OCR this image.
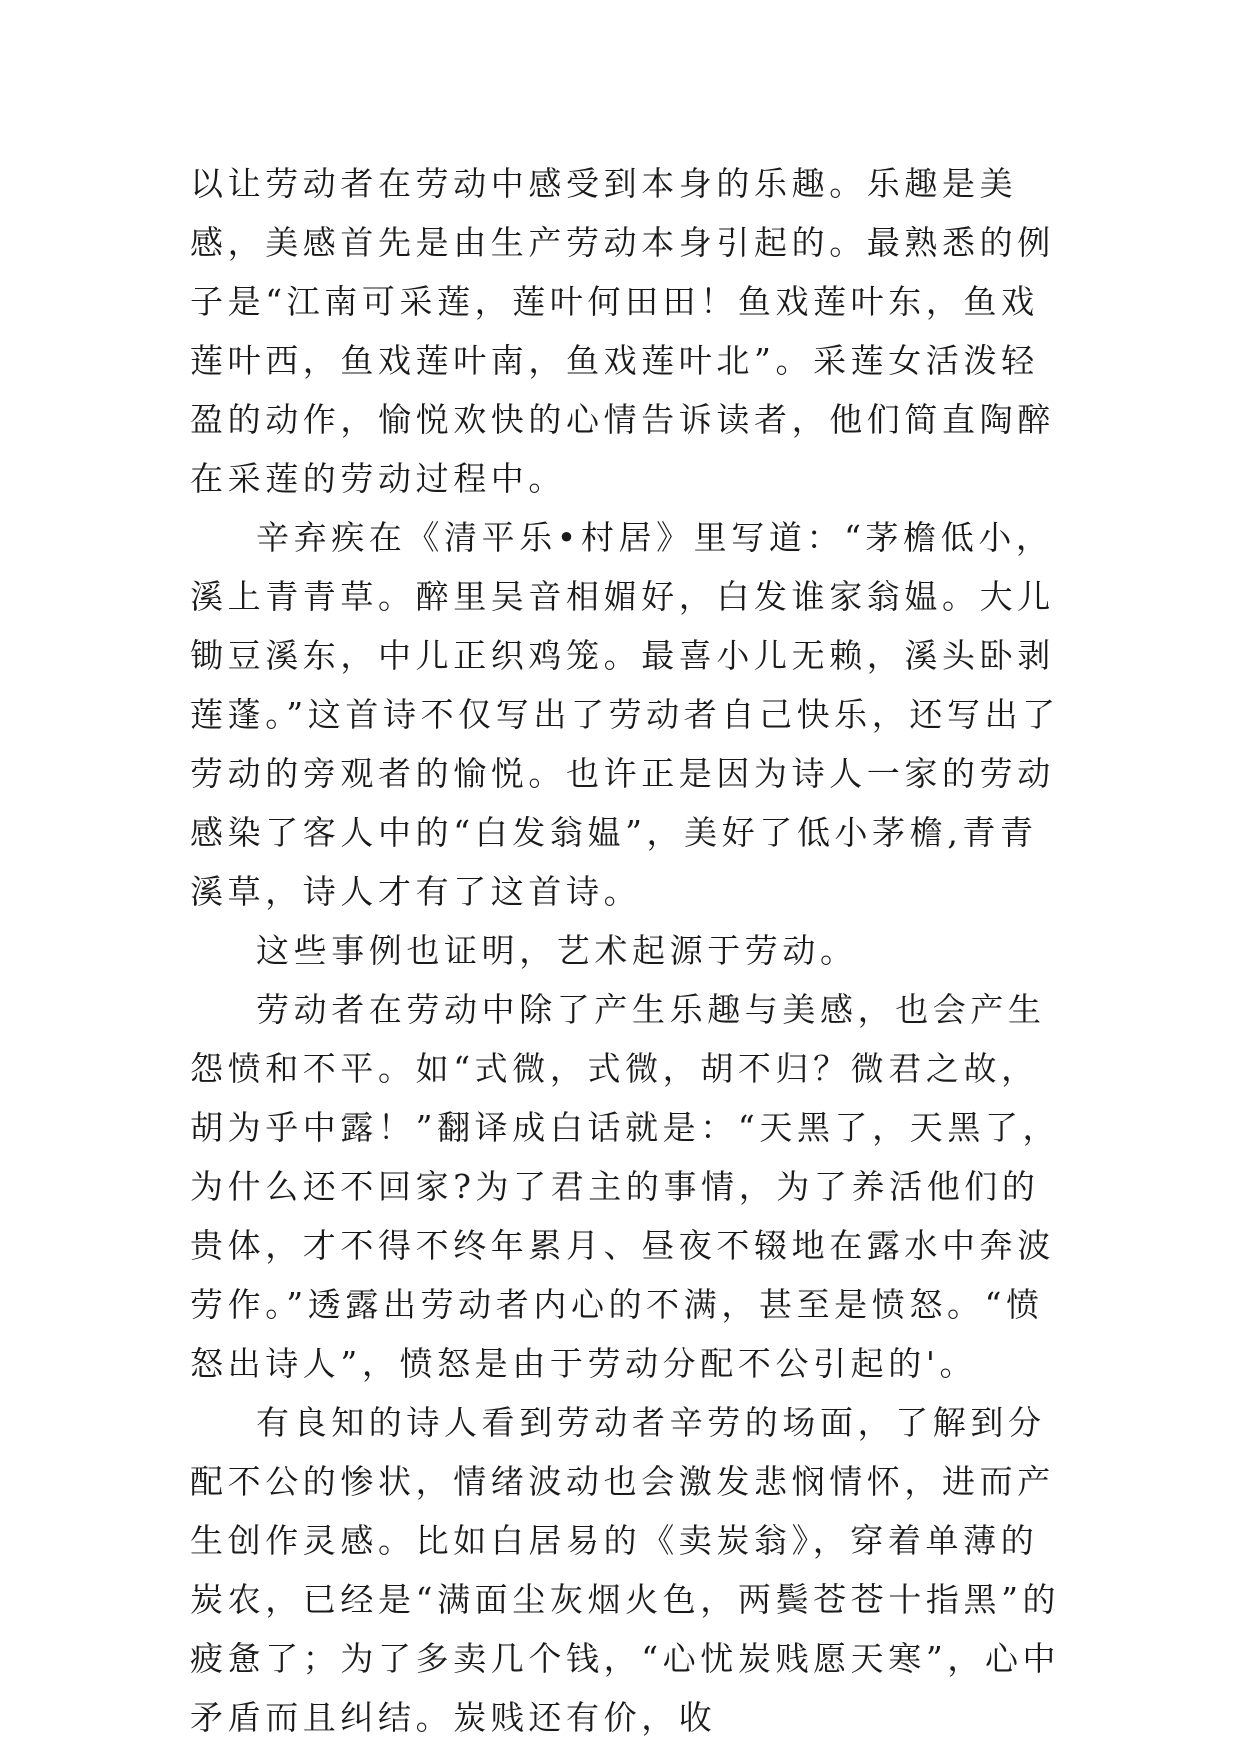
以让劳动者在劳动中感受到本身的乐趣。乐趣是美感，美感首先是由生产劳动本身引起的。最熟悉的例子是“江南可采莲，莲叶何田田！鱼戏莲叶东，鱼戏莲叶西，鱼戏莲叶南，鱼戏莲叶北”。采莲女活泼轻盈的动作，愉悦欢快的心情告诉读者，他们简直陶醉在采莲的劳动过程中。

辛弃疾在《清平乐•村居》里写道：“茅檐低小，溪上青青草。醉里吴音相媚好，白发谁家翁媪。大儿锄豆溪东，中儿正织鸡笼。最喜小儿无赖，溪头卧剥莲蓬。”这首诗不仅写出了劳动者自己快乐，还写出了劳动的旁观者的愉悦。也许正是因为诗人一家的劳动感染了客人中的“白发翁媪”，美好了低小茅檐,青青溪草，诗人才有了这首诗。

这些事例也证明，艺术起源于劳动。

劳动者在劳动中除了产生乐趣与美感，也会产生怨愤和不平。如“式微，式微，胡不归？微君之故，胡为乎中露！”翻译成白话就是：“天黑了，天黑了，为什么还不回家?为了君主的事情，为了养活他们的贵体，才不得不终年累月、昼夜不辍地在露水中奔波劳作。”透露出劳动者内心的不满，甚至是愤怒。“愤怒出诗人”，愤怒是由于劳动分配不公引起的'。

有良知的诗人看到劳动者辛劳的场面，了解到分配不公的惨状，情绪波动也会激发悲悯情怀，进而产生创作灵感。比如白居易的《卖炭翁》，穿着单薄的炭农，已经是“满面尘灰烟火色，两鬓苍苍十指黑”的疲惫了；为了多卖几个钱，“心忧炭贱愿天寒”，心中矛盾而且纠结。炭贱还有价，收
